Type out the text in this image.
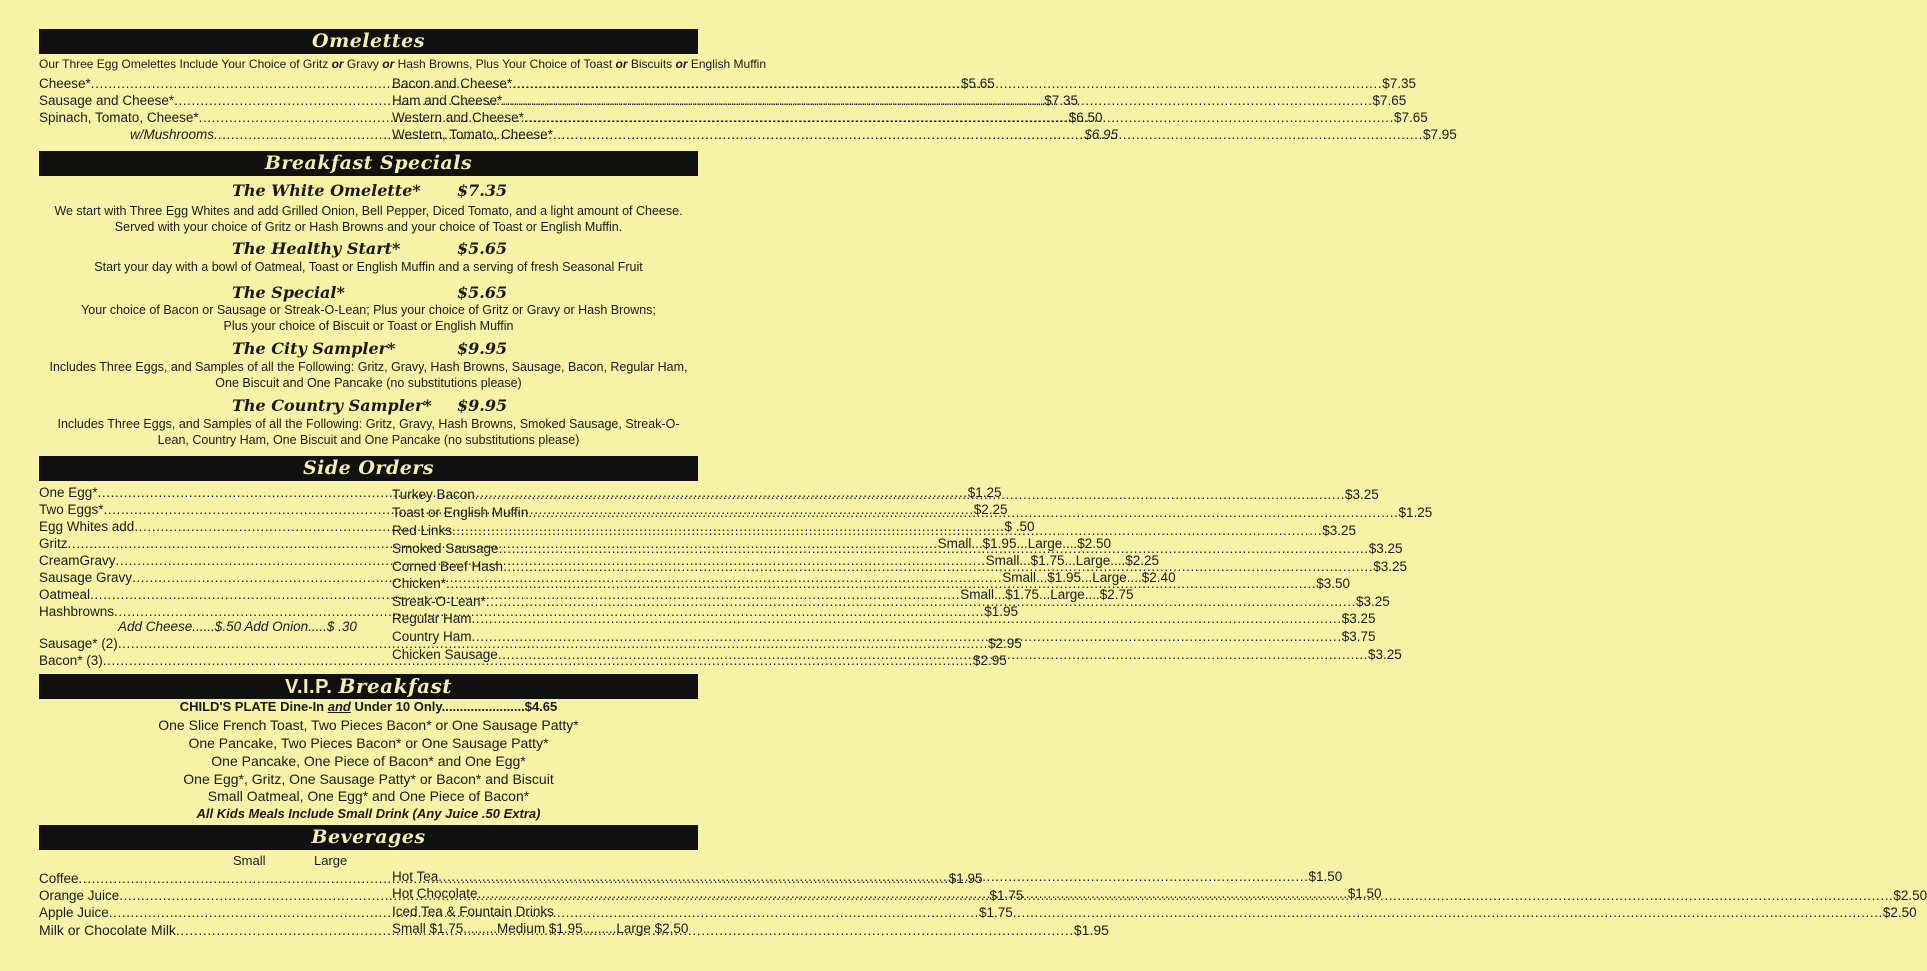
Omelettes
Our Three Egg Omelettes Include Your Choice of Gritz or Gravy or Hash Browns, Plus Your Choice of Toast or Biscuits or English Muffin
Cheese* .....	$5.65
Sausage and Cheese* .....	$7.35
Spinach, Tomato, Cheese* .....	$6.50
w/Mushrooms .....	$6.95
Bacon and Cheese* .....	$7.35
Ham and Cheese* .....	$7.65
Western and Cheese* .....	$7.65
Western, Tomato, Cheese* .....	$7.95
Breakfast Specials
The White Omelette* $7.35
We start with Three Egg Whites and add Grilled Onion, Bell Pepper, Diced Tomato, and a light amount of Cheese.
Served with your choice of Gritz or Hash Browns and your choice of Toast or English Muffin.
The Healthy Start*	$5.65
Start your day with a bowl of Oatmeal, Toast or English Muffin and a serving of fresh Seasonal Fruit
The Special*	$5.65
Your choice of Bacon or Sausage or Streak-O-Lean; Plus your choice of Gritz or Gravy or Hash Browns;
Plus your choice of Biscuit or Toast or English Muffin
The City Sampler*	$9.95
Includes Three Eggs, and Samples of all the Following: Gritz, Gravy, Hash Browns, Sausage, Bacon, Regular Ham,
One Biscuit and One Pancake (no substitutions please)
The Country Sampler* $9.95
Includes Three Eggs, and Samples of all the Following: Gritz, Gravy, Hash Browns, Smoked Sausage, Streak-O-
Lean, Country Ham, One Biscuit and One Pancake (no substitutions please)
Side Orders
One Egg* .....	$1.25
Two Eggs* .....	$2.25
Egg Whites add .....	$ .50
Gritz .....	Small...$1.95...Large....$2.50
CreamGravy .....	Small...$1.75...Large....$2.25
Sausage Gravy .....	Small...$1.95...Large....$2.40
Oatmeal .....	Small...$1.75...Large....$2.75
Hashbrowns .....	$1.95
Add Cheese......$.50 Add Onion.....$ .30
Sausage* (2) .....	$2.95
Bacon* (3) .....	$2.95
Turkey Bacon .....	$3.25
Toast or English Muffin .....	$1.25
Red Links .....	$3.25
Smoked Sausage .....	$3.25
Corned Beef Hash .....	$3.25
Chicken* .....	$3.50
Streak-O-Lean* .....	$3.25
Regular Ham .....	$3.25
Country Ham .....	$3.75
Chicken Sausage .....	$3.25
V.I.P. Breakfast
CHILD'S PLATE Dine-In and Under 10 Only.......................$4.65
One Slice French Toast, Two Pieces Bacon* or One Sausage Patty*
One Pancake, Two Pieces Bacon* or One Sausage Patty*
One Pancake, One Piece of Bacon* and One Egg*
One Egg*, Gritz, One Sausage Patty* or Bacon* and Biscuit
Small Oatmeal, One Egg* and One Piece of Bacon*
All Kids Meals Include Small Drink (Any Juice .50 Extra)
Beverages
Small	Large
Coffee .....	$1.95
Orange Juice .....	$1.75 .....	$2.50
Apple Juice .....	$1.75 .....	$2.50
Milk or Chocolate Milk .....	$1.95
Hot Tea .....	$1.50
Hot Chocolate .....	$1.50
Iced Tea & Fountain Drinks
Small $1.75.........Medium $1.95.........Large $2.50
